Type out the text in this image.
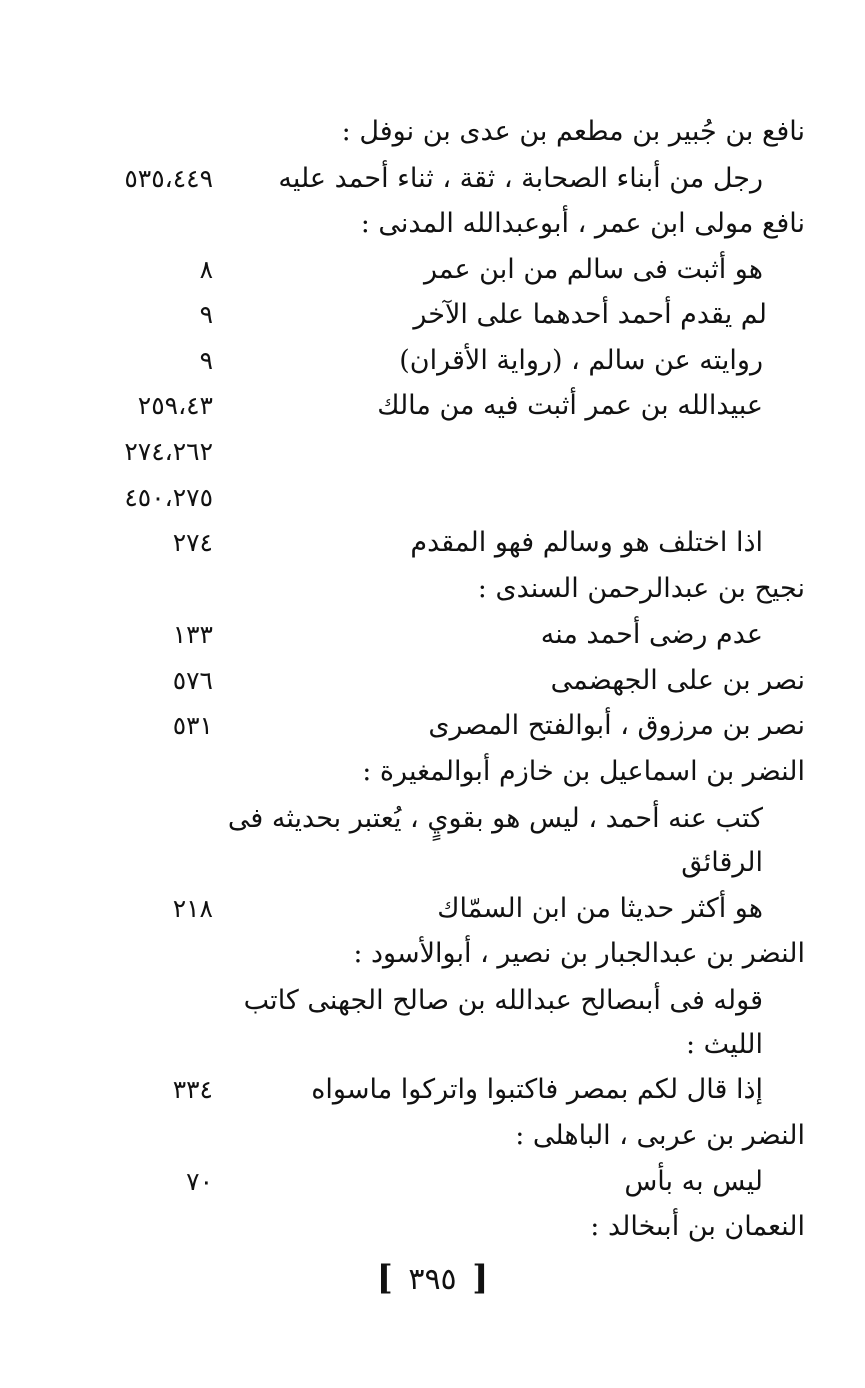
نافع بن جُبير بن مطعم بن عدى بن نوفل :
رجل من أبناء الصحابة ، ثقة ، ثناء أحمد عليه
٥٣٥،٤٤٩
نافع مولى ابن عمر ، أبوعبدالله المدنى :
هو أثبت فى سالم من ابن عمر
٨
لم يقدم أحمد أحدهما على الآخر
٩
روايته عن سالم ، (رواية الأقران)
٩
عبيدالله بن عمر أثبت فيه من مالك
٢٥٩،٤٣
٢٧٤،٢٦٢
٤٥٠،٢٧٥
اذا اختلف هو وسالم فهو المقدم
٢٧٤
نجيح بن عبدالرحمن السندى :
عدم رضى أحمد منه
١٣٣
نصر بن على الجهضمى
٥٧٦
نصر بن مرزوق ، أبوالفتح المصرى
٥٣١
النضر بن اسماعيل بن خازم أبوالمغيرة :
كتب عنه أحمد ، ليس هو بقويٍ ، يُعتبر بحديثه فى
الرقائق
هو أكثر حديثا من ابن السمّاك
٢١٨
النضر بن عبدالجبار بن نصير ، أبوالأسود :
قوله فى أبىصالح عبدالله بن صالح الجهنى كاتب
الليث :
إذا قال لكم بمصر فاكتبوا واتركوا ماسواه
٣٣٤
النضر بن عربى ، الباهلى :
ليس به بأس
٧٠
النعمان بن أبىخالد :
[ ٣٩٥ ]
